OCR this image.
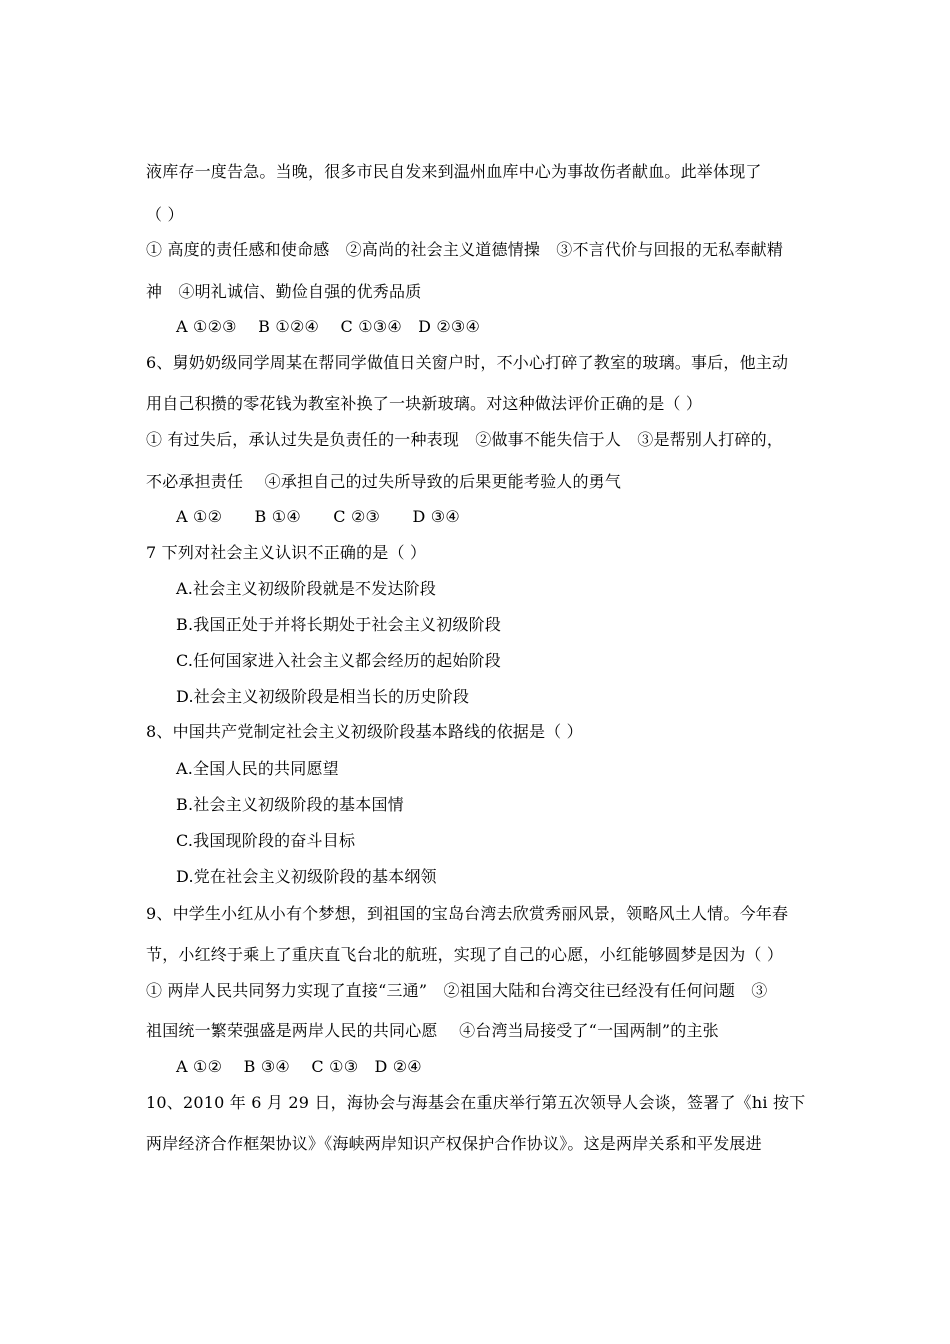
液库存一度告急。当晚，很多市民自发来到温州血库中心为事故伤者献血。此举体现了

（ ）

① 高度的责任感和使命感　②高尚的社会主义道德情操　③不言代价与回报的无私奉献精

神　④明礼诚信、勤俭自强的优秀品质

A ①②③　 B ①②④　 C ①③④　D ②③④

6、舅奶奶级同学周某在帮同学做值日关窗户时，不小心打碎了教室的玻璃。事后，他主动

用自己积攒的零花钱为教室补换了一块新玻璃。对这种做法评价正确的是（ ）

① 有过失后，承认过失是负责任的一种表现　②做事不能失信于人　③是帮别人打碎的，

不必承担责任　 ④承担自己的过失所导致的后果更能考验人的勇气

A ①②　　B ①④　　C ②③　　D ③④

7 下列对社会主义认识不正确的是（ ）

A.社会主义初级阶段就是不发达阶段

B.我国正处于并将长期处于社会主义初级阶段

C.任何国家进入社会主义都会经历的起始阶段

D.社会主义初级阶段是相当长的历史阶段

8、中国共产党制定社会主义初级阶段基本路线的依据是（ ）

A.全国人民的共同愿望

B.社会主义初级阶段的基本国情

C.我国现阶段的奋斗目标

D.党在社会主义初级阶段的基本纲领

9、中学生小红从小有个梦想，到祖国的宝岛台湾去欣赏秀丽风景，领略风土人情。今年春

节，小红终于乘上了重庆直飞台北的航班，实现了自己的心愿，小红能够圆梦是因为（ ）

① 两岸人民共同努力实现了直接“三通”　②祖国大陆和台湾交往已经没有任何问题　③

祖国统一繁荣强盛是两岸人民的共同心愿　 ④台湾当局接受了“一国两制”的主张

A ①②　 B ③④　 C ①③　D ②④

10、2010 年 6 月 29 日，海协会与海基会在重庆举行第五次领导人会谈，签署了《hi 按下

两岸经济合作框架协议》《海峡两岸知识产权保护合作协议》。这是两岸关系和平发展进
